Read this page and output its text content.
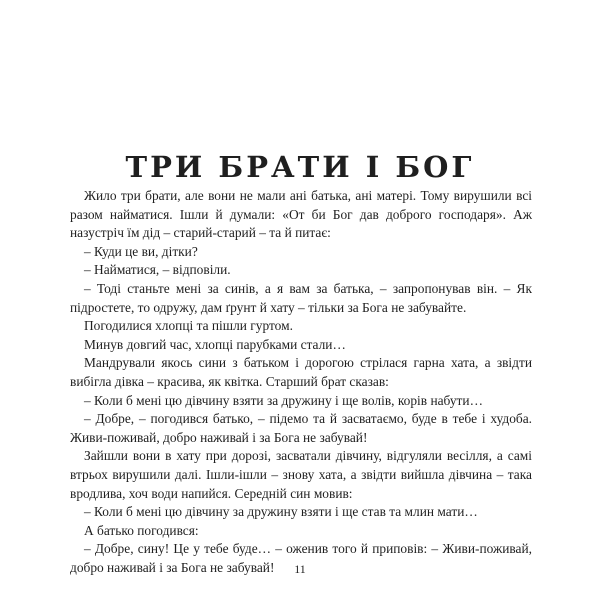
ТРИ БРАТИ І БОГ

Жило три брати, але вони не мали ані батька, ані матері. Тому вирушили всі разом найматися. Ішли й думали: «От би Бог дав доброго господаря». Аж назустріч їм дід – старий-старий – та й питає:

– Куди це ви, дітки?

– Найматися, – відповіли.

– Тоді станьте мені за синів, а я вам за батька, – запропонував він. – Як підростете, то одружу, дам ґрунт й хату – тільки за Бога не забувайте.

Погодилися хлопці та пішли гуртом.

Минув довгий час, хлопці парубками стали…

Мандрували якось сини з батьком і дорогою стрілася гарна хата, а звідти вибігла дівка – красива, як квітка. Старший брат сказав:

– Коли б мені цю дівчину взяти за дружину і ще волів, корів набути…

– Добре, – погодився батько, – підемо та й засватаємо, буде в тебе і худоба. Живи-поживай, добро наживай і за Бога не забувай!

Зайшли вони в хату при дорозі, засватали дівчину, відгуляли весілля, а самі втрьох вирушили далі. Ішли-ішли – знову хата, а звідти вийшла дівчина – така вродлива, хоч води напийся. Середній син мовив:

– Коли б мені цю дівчину за дружину взяти і ще став та млин мати…

А батько погодився:

– Добре, сину! Це у тебе буде… – оженив того й приповів: – Живи-поживай, добро наживай і за Бога не забувай!	11
